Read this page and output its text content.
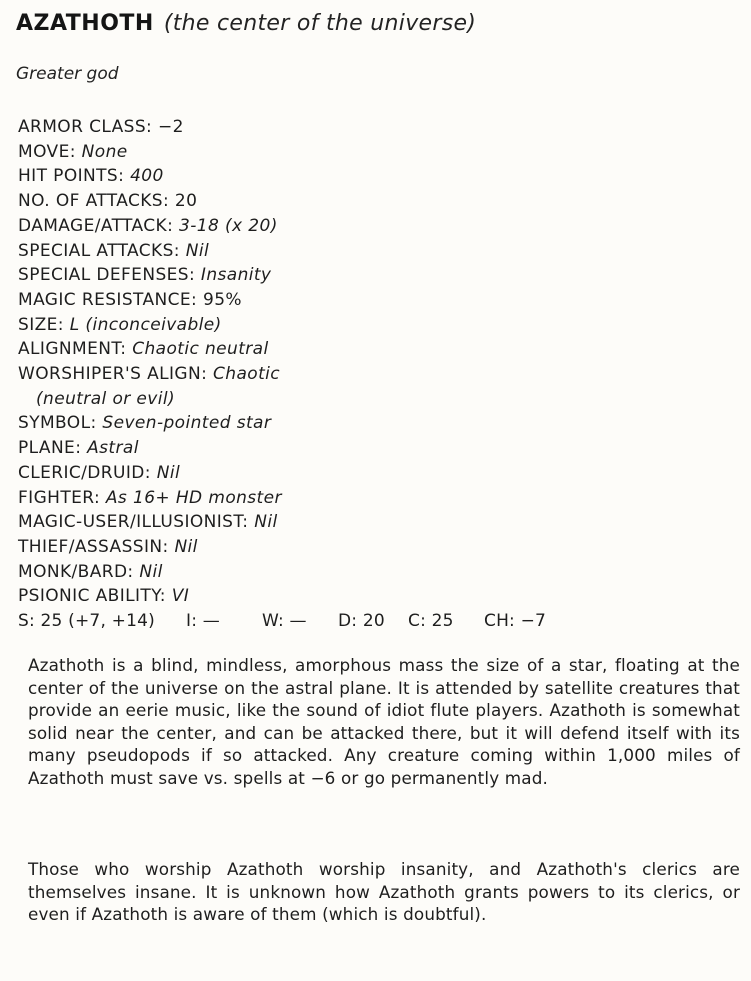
AZATHOTH (the center of the universe)
Greater god
ARMOR CLASS: −2
MOVE: None
HIT POINTS: 400
NO. OF ATTACKS: 20
DAMAGE/ATTACK: 3-18 (x 20)
SPECIAL ATTACKS: Nil
SPECIAL DEFENSES: Insanity
MAGIC RESISTANCE: 95%
SIZE: L (inconceivable)
ALIGNMENT: Chaotic neutral
WORSHIPER'S ALIGN: Chaotic
(neutral or evil)
SYMBOL: Seven-pointed star
PLANE: Astral
CLERIC/DRUID: Nil
FIGHTER: As 16+ HD monster
MAGIC-USER/ILLUSIONIST: Nil
THIEF/ASSASSIN: Nil
MONK/BARD: Nil
PSIONIC ABILITY: VI
S: 25 (+7, +14) I: — W: — D: 20 C: 25 CH: −7

Azathoth is a blind, mindless, amorphous mass the size of a star, floating at the center of the universe on the astral plane. It is attended by satellite creatures that provide an eerie music, like the sound of idiot flute players. Azathoth is somewhat solid near the center, and can be attacked there, but it will defend itself with its many pseudopods if so attacked. Any creature coming within 1,000 miles of Azathoth must save vs. spells at −6 or go permanently mad.

Those who worship Azathoth worship insanity, and Azathoth's clerics are themselves insane. It is unknown how Azathoth grants powers to its clerics, or even if Azathoth is aware of them (which is doubtful).
